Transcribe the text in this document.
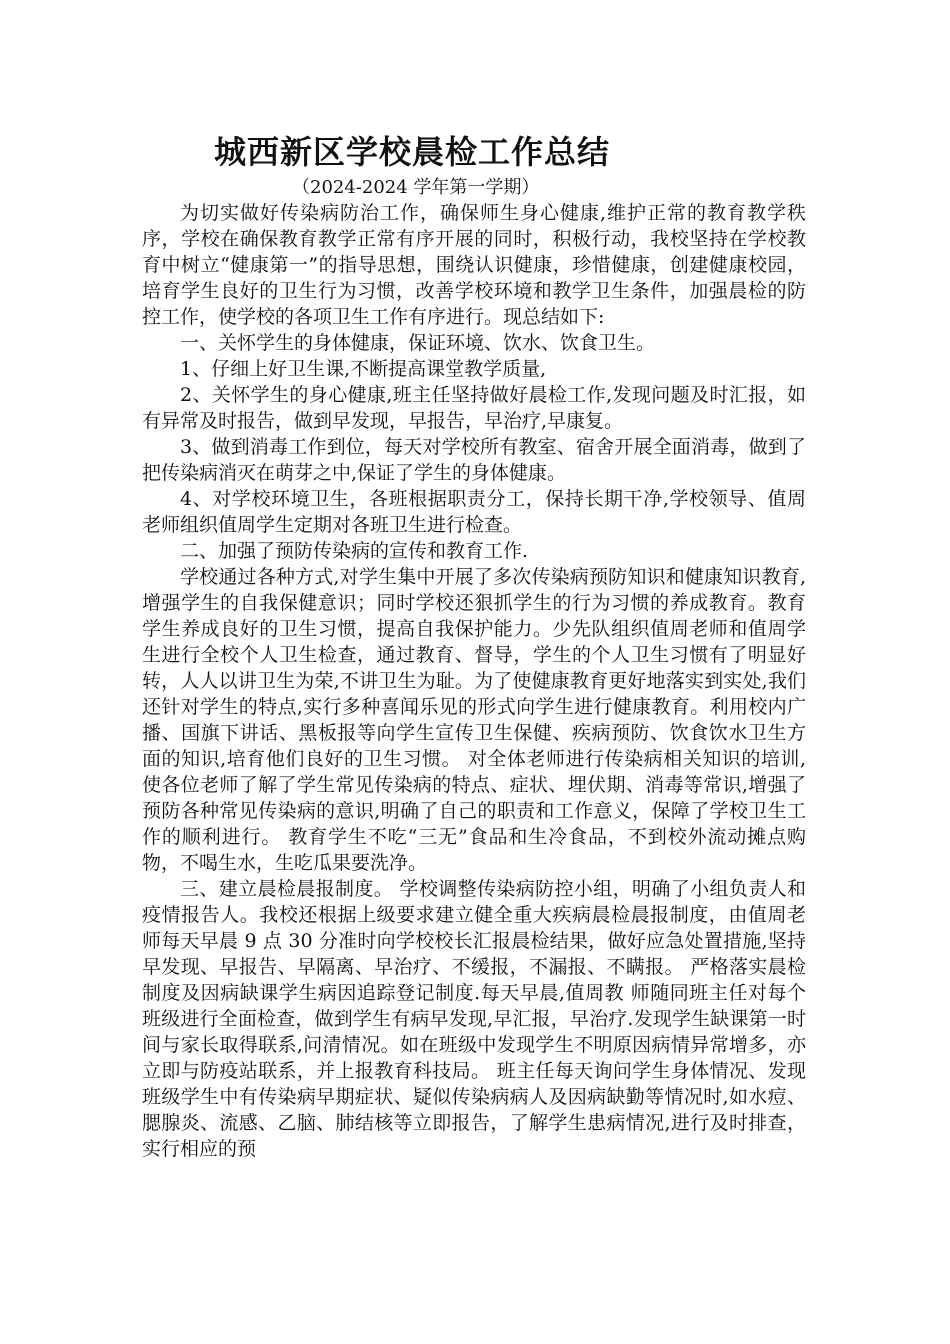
城西新区学校晨检工作总结
（2024-2024 学年第一学期）

为切实做好传染病防治工作，确保师生身心健康,维护正常的教育教学秩序，学校在确保教育教学正常有序开展的同时，积极行动，我校坚持在学校教育中树立“健康第一”的指导思想，围绕认识健康，珍惜健康，创建健康校园，培育学生良好的卫生行为习惯，改善学校环境和教学卫生条件，加强晨检的防控工作，使学校的各项卫生工作有序进行。现总结如下:

一、关怀学生的身体健康，保证环境、饮水、饮食卫生。

1、仔细上好卫生课,不断提高课堂教学质量,

2、关怀学生的身心健康,班主任坚持做好晨检工作,发现问题及时汇报，如有异常及时报告，做到早发现，早报告，早治疗,早康复。

3、做到消毒工作到位，每天对学校所有教室、宿舍开展全面消毒，做到了把传染病消灭在萌芽之中,保证了学生的身体健康。

4、对学校环境卫生，各班根据职责分工，保持长期干净,学校领导、值周老师组织值周学生定期对各班卫生进行检查。

二、加强了预防传染病的宣传和教育工作.

学校通过各种方式,对学生集中开展了多次传染病预防知识和健康知识教育,增强学生的自我保健意识；同时学校还狠抓学生的行为习惯的养成教育。教育学生养成良好的卫生习惯，提高自我保护能力。少先队组织值周老师和值周学生进行全校个人卫生检查，通过教育、督导，学生的个人卫生习惯有了明显好转，人人以讲卫生为荣,不讲卫生为耻。为了使健康教育更好地落实到实处,我们还针对学生的特点,实行多种喜闻乐见的形式向学生进行健康教育。利用校内广播、国旗下讲话、黑板报等向学生宣传卫生保健、疾病预防、饮食饮水卫生方面的知识,培育他们良好的卫生习惯。 对全体老师进行传染病相关知识的培训,使各位老师了解了学生常见传染病的特点、症状、埋伏期、消毒等常识,增强了预防各种常见传染病的意识,明确了自己的职责和工作意义，保障了学校卫生工作的顺利进行。 教育学生不吃“三无”食品和生冷食品，不到校外流动摊点购物，不喝生水，生吃瓜果要洗净。

三、建立晨检晨报制度。 学校调整传染病防控小组，明确了小组负责人和疫情报告人。我校还根据上级要求建立健全重大疾病晨检晨报制度，由值周老师每天早晨 9 点 30 分准时向学校校长汇报晨检结果，做好应急处置措施,坚持早发现、早报告、早隔离、早治疗、不缓报，不漏报、不瞒报。 严格落实晨检制度及因病缺课学生病因追踪登记制度.每天早晨,值周教 师随同班主任对每个班级进行全面检查，做到学生有病早发现,早汇报，早治疗.发现学生缺课第一时间与家长取得联系,问清情况。如在班级中发现学生不明原因病情异常增多，亦立即与防疫站联系，并上报教育科技局。 班主任每天询问学生身体情况、发现班级学生中有传染病早期症状、疑似传染病病人及因病缺勤等情况时,如水痘、腮腺炎、流感、乙脑、肺结核等立即报告，了解学生患病情况,进行及时排查，实行相应的预
